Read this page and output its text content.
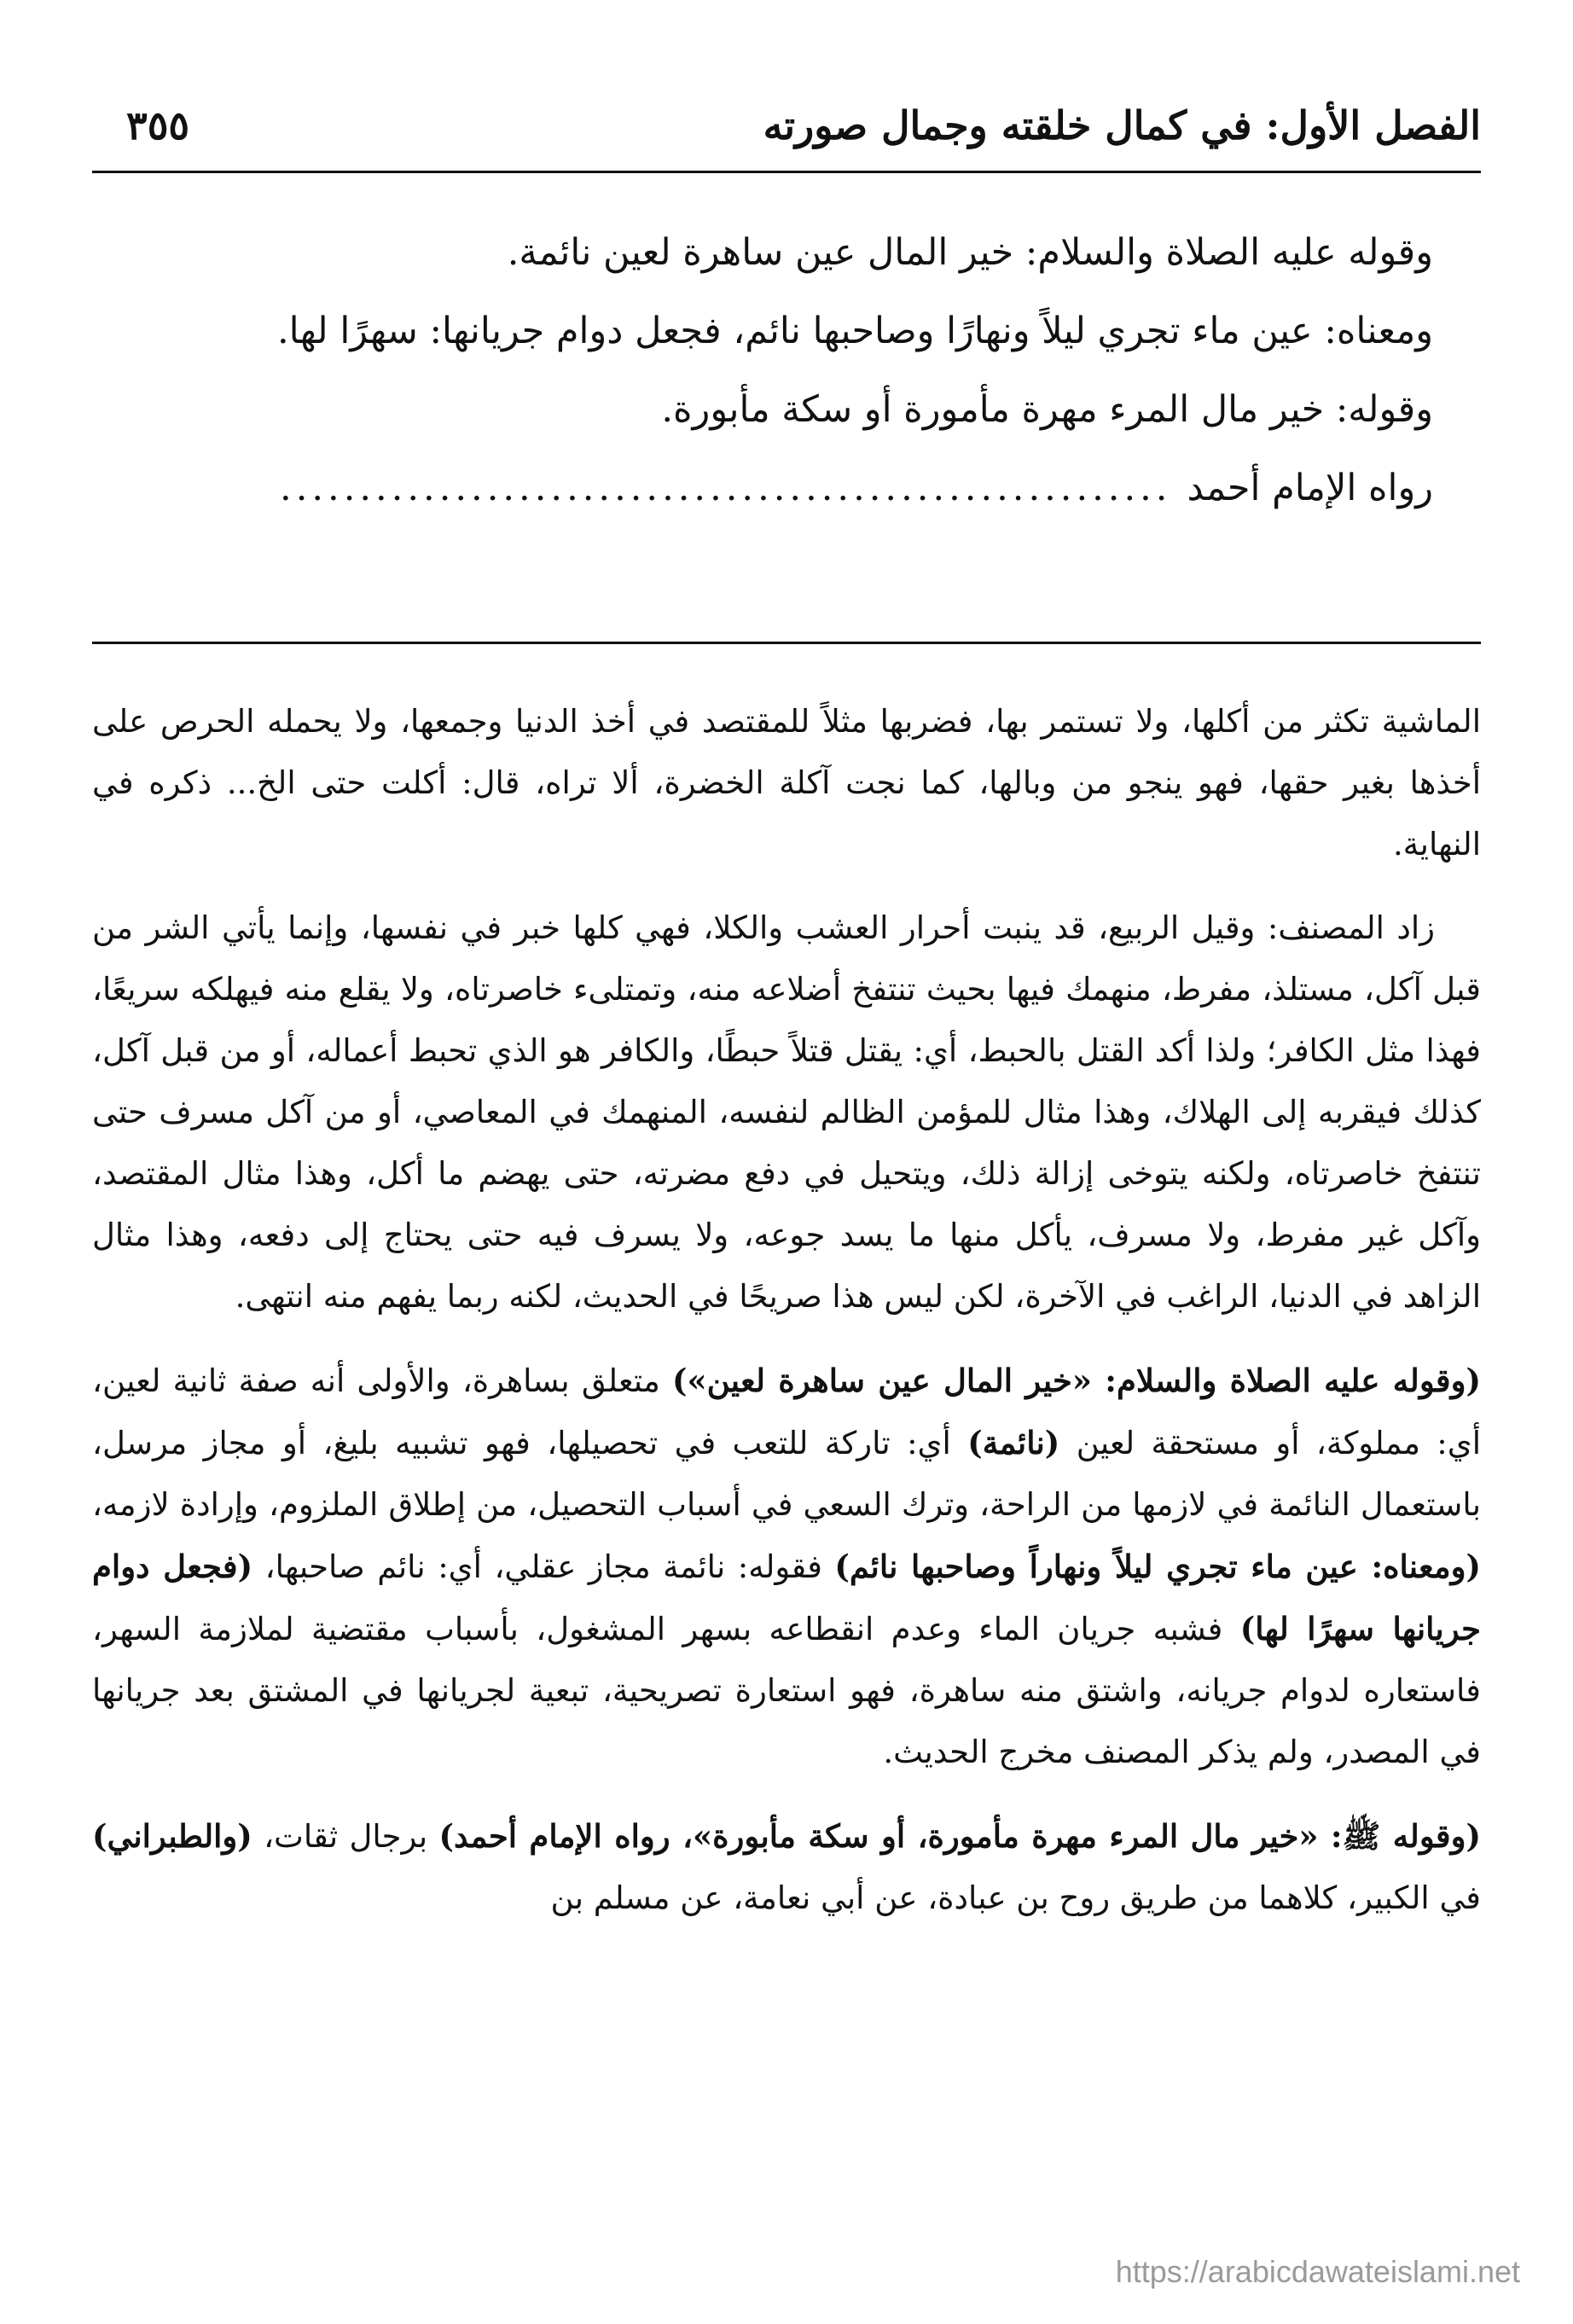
الفصل الأول: في كمال خلقته وجمال صورته
٣٥٥

وقوله عليه الصلاة والسلام: خير المال عين ساهرة لعين نائمة.

ومعناه: عين ماء تجري ليلاً ونهارًا وصاحبها نائم، فجعل دوام جريانها: سهرًا لها.

وقوله: خير مال المرء مهرة مأمورة أو سكة مأبورة.

رواه الإمام أحمد
........................................................

الماشية تكثر من أكلها، ولا تستمر بها، فضربها مثلاً للمقتصد في أخذ الدنيا وجمعها، ولا يحمله الحرص على أخذها بغير حقها، فهو ينجو من وبالها، كما نجت آكلة الخضرة، ألا تراه، قال: أكلت حتى الخ... ذكره في النهاية.

زاد المصنف: وقيل الربيع، قد ينبت أحرار العشب والكلا، فهي كلها خبر في نفسها، وإنما يأتي الشر من قبل آكل، مستلذ، مفرط، منهمك فيها بحيث تنتفخ أضلاعه منه، وتمتلىء خاصرتاه، ولا يقلع منه فيهلكه سريعًا، فهذا مثل الكافر؛ ولذا أكد القتل بالحبط، أي: يقتل قتلاً حبطًا، والكافر هو الذي تحبط أعماله، أو من قبل آكل، كذلك فيقربه إلى الهلاك، وهذا مثال للمؤمن الظالم لنفسه، المنهمك في المعاصي، أو من آكل مسرف حتى تنتفخ خاصرتاه، ولكنه يتوخى إزالة ذلك، ويتحيل في دفع مضرته، حتى يهضم ما أكل، وهذا مثال المقتصد، وآكل غير مفرط، ولا مسرف، يأكل منها ما يسد جوعه، ولا يسرف فيه حتى يحتاج إلى دفعه، وهذا مثال الزاهد في الدنيا، الراغب في الآخرة، لكن ليس هذا صريحًا في الحديث، لكنه ربما يفهم منه انتهى.

(وقوله عليه الصلاة والسلام: «خير المال عين ساهرة لعين») متعلق بساهرة، والأولى أنه صفة ثانية لعين، أي: مملوكة، أو مستحقة لعين (نائمة) أي: تاركة للتعب في تحصيلها، فهو تشبيه بليغ، أو مجاز مرسل، باستعمال النائمة في لازمها من الراحة، وترك السعي في أسباب التحصيل، من إطلاق الملزوم، وإرادة لازمه، (ومعناه: عين ماء تجري ليلاً ونهاراً وصاحبها نائم) فقوله: نائمة مجاز عقلي، أي: نائم صاحبها، (فجعل دوام جريانها سهرًا لها) فشبه جريان الماء وعدم انقطاعه بسهر المشغول، بأسباب مقتضية لملازمة السهر، فاستعاره لدوام جريانه، واشتق منه ساهرة، فهو استعارة تصريحية، تبعية لجريانها في المشتق بعد جريانها في المصدر، ولم يذكر المصنف مخرج الحديث.

(وقوله ﷺ: «خير مال المرء مهرة مأمورة، أو سكة مأبورة»، رواه الإمام أحمد) برجال ثقات، (والطبراني) في الكبير، كلاهما من طريق روح بن عبادة، عن أبي نعامة، عن مسلم بن

https://arabicdawateislami.net
